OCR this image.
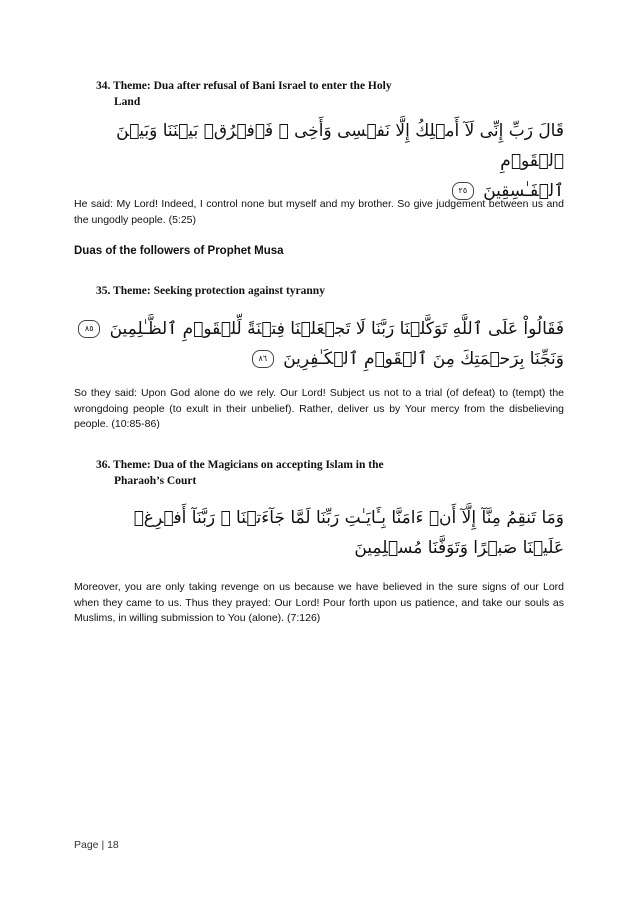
34. Theme: Dua after refusal of Bani Israel to enter the Holy
Land
قَالَ رَبِّ إِنِّى لَآ أَمۡلِكُ إِلَّا نَفۡسِى وَأَخِى ۖ فَٱفۡرُقۡ بَيۡنَنَا وَبَيۡنَ ٱلۡقَوۡمِ
ٱلۡفَـٰسِقِينَ ٢٥
He said: My Lord! Indeed, I control none but myself and my brother. So give judgement between us and the ungodly people. (5:25)
Duas of the followers of Prophet Musa
35. Theme: Seeking protection against tyranny
فَقَالُواْ عَلَى ٱللَّهِ تَوَكَّلۡنَا رَبَّنَا لَا تَجۡعَلۡنَا فِتۡنَةً لِّلۡقَوۡمِ ٱلظَّـٰلِمِينَ ٨٥
وَنَجِّنَا بِرَحۡمَتِكَ مِنَ ٱلۡقَوۡمِ ٱلۡكَـٰفِرِينَ ٨٦
So they said: Upon God alone do we rely. Our Lord! Subject us not to a trial (of defeat) to (tempt) the wrongdoing people (to exult in their unbelief). Rather, deliver us by Your mercy from the disbelieving people. (10:85-86)
36. Theme: Dua of the Magicians on accepting Islam in the
Pharaoh’s Court
وَمَا تَنقِمُ مِنَّآ إِلَّآ أَنۡ ءَامَنَّا بِـَٔايَـٰتِ رَبِّنَا لَمَّا جَآءَتۡنَا ۚ رَبَّنَآ أَفۡرِغۡ
عَلَيۡنَا صَبۡرًا وَتَوَفَّنَا مُسۡلِمِينَ
Moreover, you are only taking revenge on us because we have believed in the sure signs of our Lord when they came to us. Thus they prayed: Our Lord! Pour forth upon us patience, and take our souls as Muslims, in willing submission to You (alone). (7:126)
Page | 18
